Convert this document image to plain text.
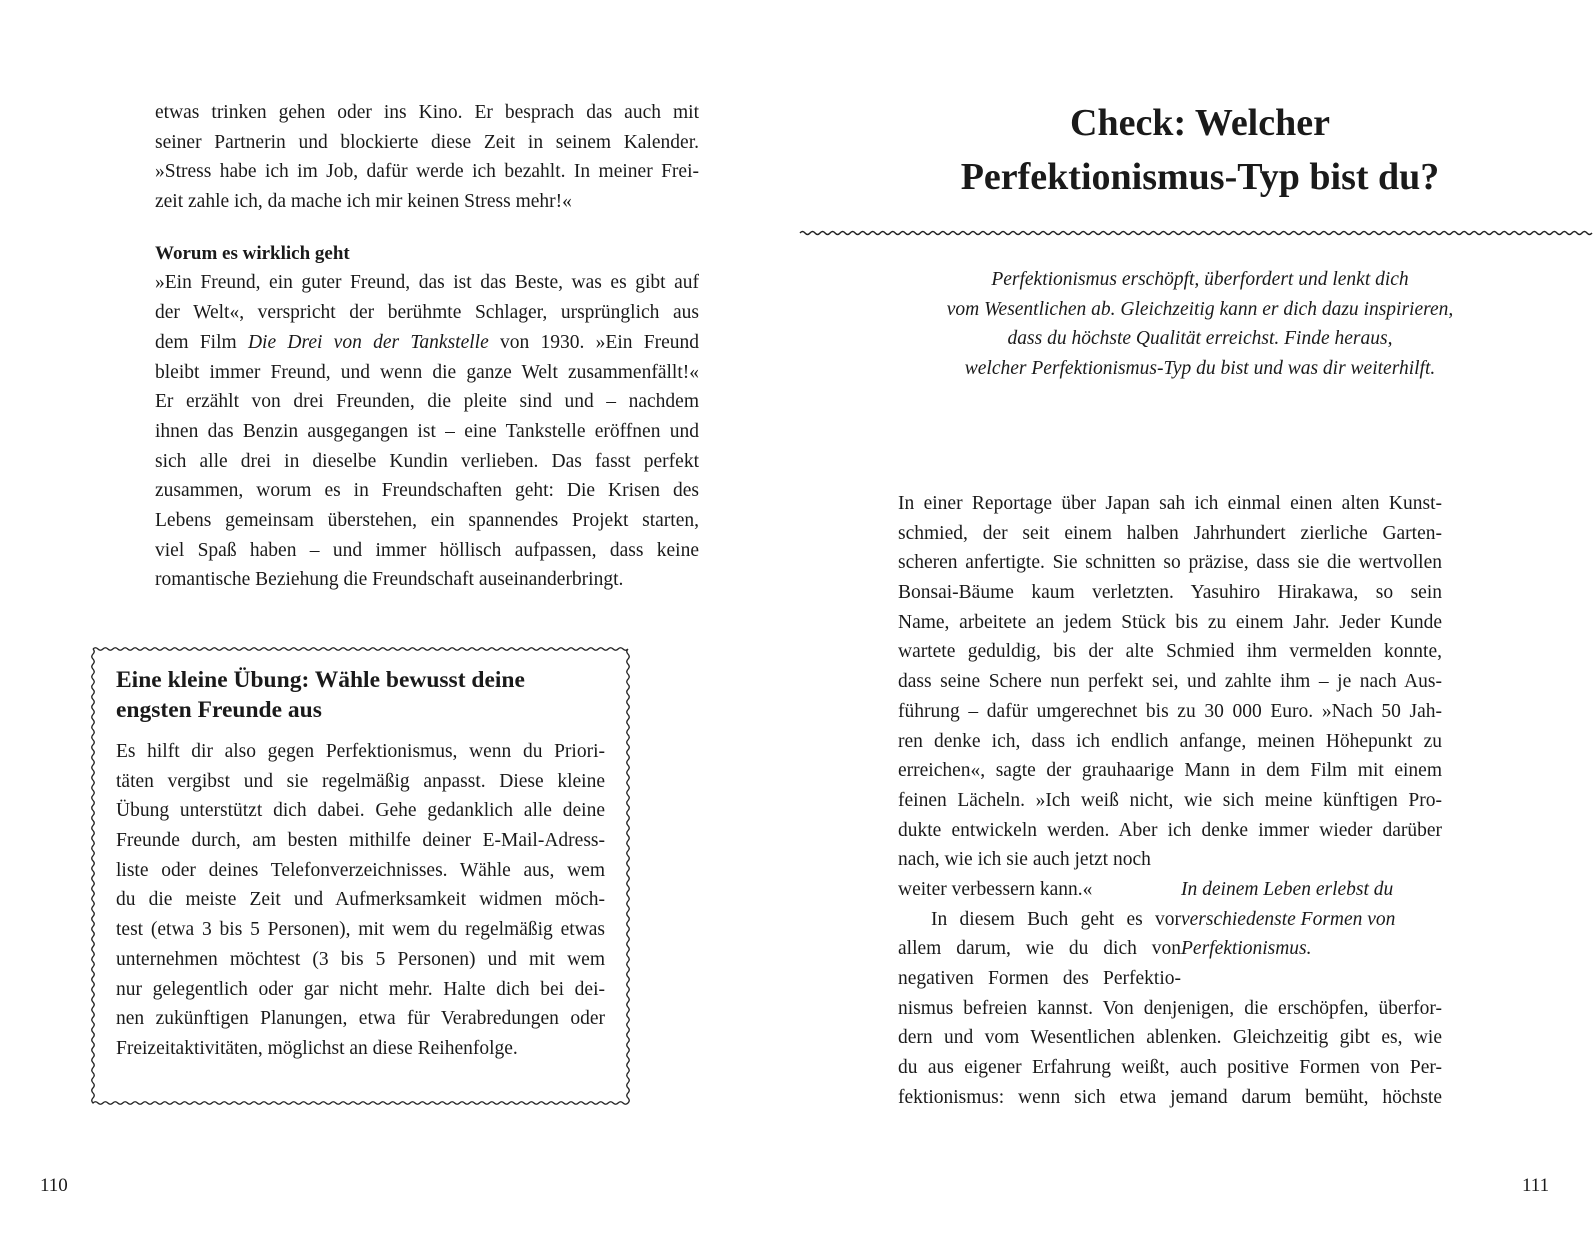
etwas trinken gehen oder ins Kino. Er besprach das auch mit
seiner Partnerin und blockierte diese Zeit in seinem Kalender.
»Stress habe ich im Job, dafür werde ich bezahlt. In meiner Frei-
zeit zahle ich, da mache ich mir keinen Stress mehr!«
Worum es wirklich geht
»Ein Freund, ein guter Freund, das ist das Beste, was es gibt auf
der Welt«, verspricht der berühmte Schlager, ursprünglich aus
dem Film Die Drei von der Tankstelle von 1930. »Ein Freund
bleibt immer Freund, und wenn die ganze Welt zusammenfällt!«
Er erzählt von drei Freunden, die pleite sind und – nachdem
ihnen das Benzin ausgegangen ist – eine Tankstelle eröffnen und
sich alle drei in dieselbe Kundin verlieben. Das fasst perfekt
zusammen, worum es in Freundschaften geht: Die Krisen des
Lebens gemeinsam überstehen, ein spannendes Projekt starten,
viel Spaß haben – und immer höllisch aufpassen, dass keine
romantische Beziehung die Freundschaft auseinanderbringt.
Eine kleine Übung: Wähle bewusst deine
engsten Freunde aus
Es hilft dir also gegen Perfektionismus, wenn du Priori-
täten vergibst und sie regelmäßig anpasst. Diese kleine
Übung unterstützt dich dabei. Gehe gedanklich alle deine
Freunde durch, am besten mithilfe deiner E-Mail-Adress-
liste oder deines Telefonverzeichnisses. Wähle aus, wem
du die meiste Zeit und Aufmerksamkeit widmen möch-
test (etwa 3 bis 5 Personen), mit wem du regelmäßig etwas
unternehmen möchtest (3 bis 5 Personen) und mit wem
nur gelegentlich oder gar nicht mehr. Halte dich bei dei-
nen zukünftigen Planungen, etwa für Verabredungen oder
Freizeitaktivitäten, möglichst an diese Reihenfolge.
110
Check: Welcher
Perfektionismus-Typ bist du?
Perfektionismus erschöpft, überfordert und lenkt dich
vom Wesentlichen ab. Gleichzeitig kann er dich dazu inspirieren,
dass du höchste Qualität erreichst. Finde heraus,
welcher Perfektionismus-Typ du bist und was dir weiterhilft.
In einer Reportage über Japan sah ich einmal einen alten Kunst-
schmied, der seit einem halben Jahrhundert zierliche Garten-
scheren anfertigte. Sie schnitten so präzise, dass sie die wertvollen
Bonsai-Bäume kaum verletzten. Yasuhiro Hirakawa, so sein
Name, arbeitete an jedem Stück bis zu einem Jahr. Jeder Kunde
wartete geduldig, bis der alte Schmied ihm vermelden konnte,
dass seine Schere nun perfekt sei, und zahlte ihm – je nach Aus-
führung – dafür umgerechnet bis zu 30 000 Euro. »Nach 50 Jah-
ren denke ich, dass ich endlich anfange, meinen Höhepunkt zu
erreichen«, sagte der grauhaarige Mann in dem Film mit einem
feinen Lächeln. »Ich weiß nicht, wie sich meine künftigen Pro-
dukte entwickeln werden. Aber ich denke immer wieder darüber
nach, wie ich sie auch jetzt noch
weiter verbessern kann.«
In diesem Buch geht es vor
allem darum, wie du dich von
negativen Formen des Perfektio-
In deinem Leben erlebst du
verschiedenste Formen von
Perfektionismus.
nismus befreien kannst. Von denjenigen, die erschöpfen, überfor-
dern und vom Wesentlichen ablenken. Gleichzeitig gibt es, wie
du aus eigener Erfahrung weißt, auch positive Formen von Per-
fektionismus: wenn sich etwa jemand darum bemüht, höchste
111
